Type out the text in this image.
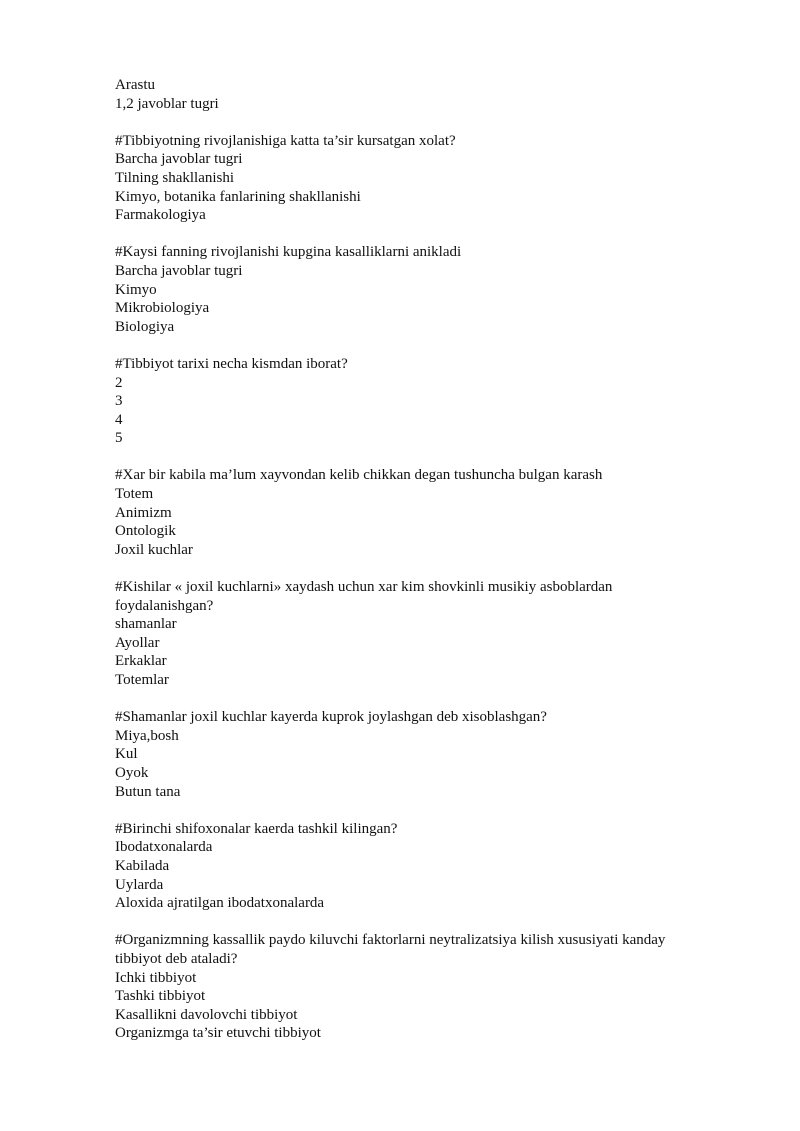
Arastu
1,2 javoblar tugri
#Tibbiyotning rivojlanishiga katta ta’sir kursatgan xolat?
Barcha javoblar tugri
Tilning shakllanishi
Kimyo, botanika fanlarining shakllanishi
Farmakologiya
#Kaysi fanning rivojlanishi kupgina kasalliklarni anikladi
Barcha javoblar tugri
Kimyo
Mikrobiologiya
Biologiya
#Tibbiyot tarixi necha kismdan iborat?
2
3
4
5
#Xar bir kabila ma’lum xayvondan kelib chikkan degan tushuncha bulgan karash
Totem
Animizm
Ontologik
Joxil kuchlar
#Kishilar « joxil kuchlarni» xaydash uchun xar kim shovkinli musikiy asboblardan
foydalanishgan?
shamanlar
Ayollar
Erkaklar
Totemlar
#Shamanlar joxil kuchlar kayerda kuprok joylashgan deb xisoblashgan?
Miya,bosh
Kul
Oyok
Butun tana
#Birinchi shifoxonalar kaerda tashkil kilingan?
Ibodatxonalarda
Kabilada
Uylarda
Aloxida ajratilgan ibodatxonalarda
#Organizmning kassallik paydo kiluvchi faktorlarni neytralizatsiya kilish xususiyati kanday
tibbiyot deb ataladi?
Ichki tibbiyot
Tashki tibbiyot
Kasallikni davolovchi tibbiyot
Organizmga ta’sir etuvchi tibbiyot
